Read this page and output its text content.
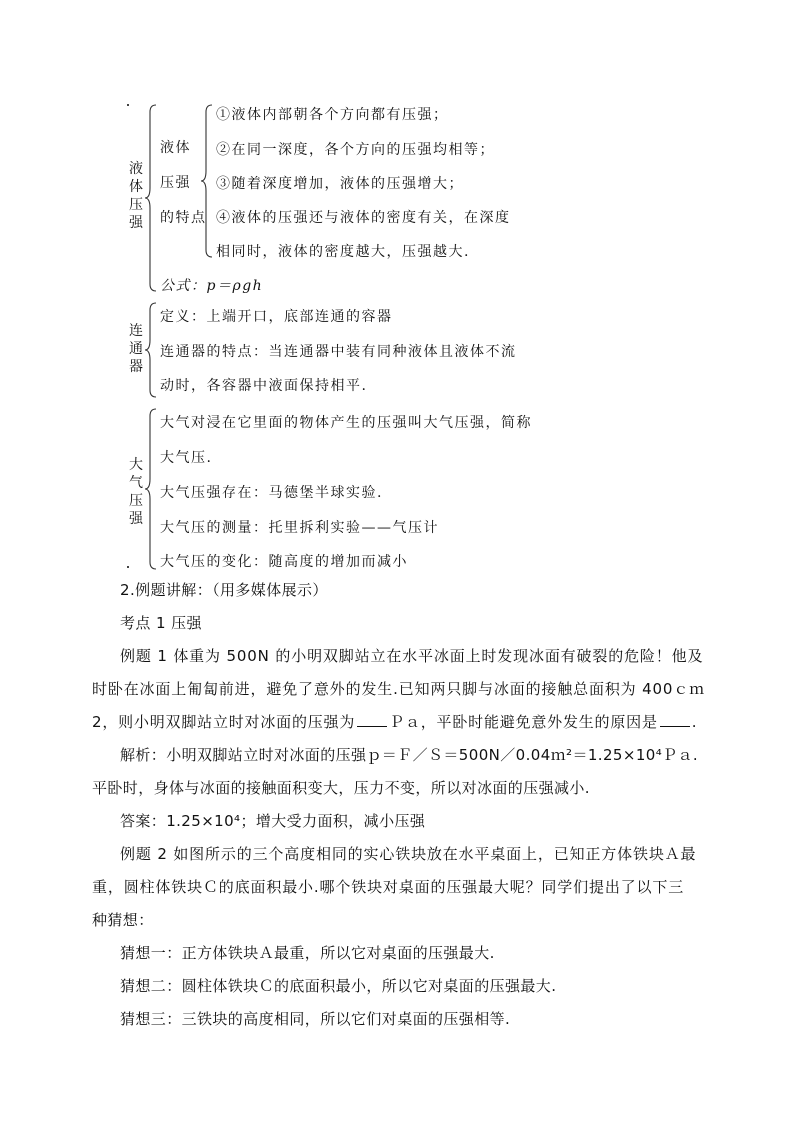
液体压强
液体
压强
的特点
①液体内部朝各个方向都有压强；
②在同一深度，各个方向的压强均相等；
③随着深度增加，液体的压强增大；
④液体的压强还与液体的密度有关，在深度
相同时，液体的密度越大，压强越大.
公式：p＝ρgh
连通器
定义：上端开口，底部连通的容器
连通器的特点：当连通器中装有同种液体且液体不流
动时，各容器中液面保持相平.
大气压强
大气对浸在它里面的物体产生的压强叫大气压强，简称
大气压.
大气压强存在：马德堡半球实验.
大气压的测量：托里拆利实验——气压计
大气压的变化：随高度的增加而减小
2.例题讲解：（用多媒体展示）
考点 1 压强
例题 1 体重为 500N 的小明双脚站立在水平冰面上时发现冰面有破裂的危险！他及
时卧在冰面上匍匐前进，避免了意外的发生.已知两只脚与冰面的接触总面积为 400ｃｍ
2，则小明双脚站立时对冰面的压强为 Ｐａ，平卧时能避免意外发生的原因是 .
解析：小明双脚站立时对冰面的压强ｐ＝Ｆ／Ｓ＝500N／0.04ｍ²＝1.25×10⁴Ｐａ.
平卧时，身体与冰面的接触面积变大，压力不变，所以对冰面的压强减小.
答案：1.25×10⁴；增大受力面积，减小压强
例题 2 如图所示的三个高度相同的实心铁块放在水平桌面上，已知正方体铁块Ａ最
重，圆柱体铁块Ｃ的底面积最小.哪个铁块对桌面的压强最大呢？同学们提出了以下三
种猜想：
猜想一：正方体铁块Ａ最重，所以它对桌面的压强最大.
猜想二：圆柱体铁块Ｃ的底面积最小，所以它对桌面的压强最大.
猜想三：三铁块的高度相同，所以它们对桌面的压强相等.
